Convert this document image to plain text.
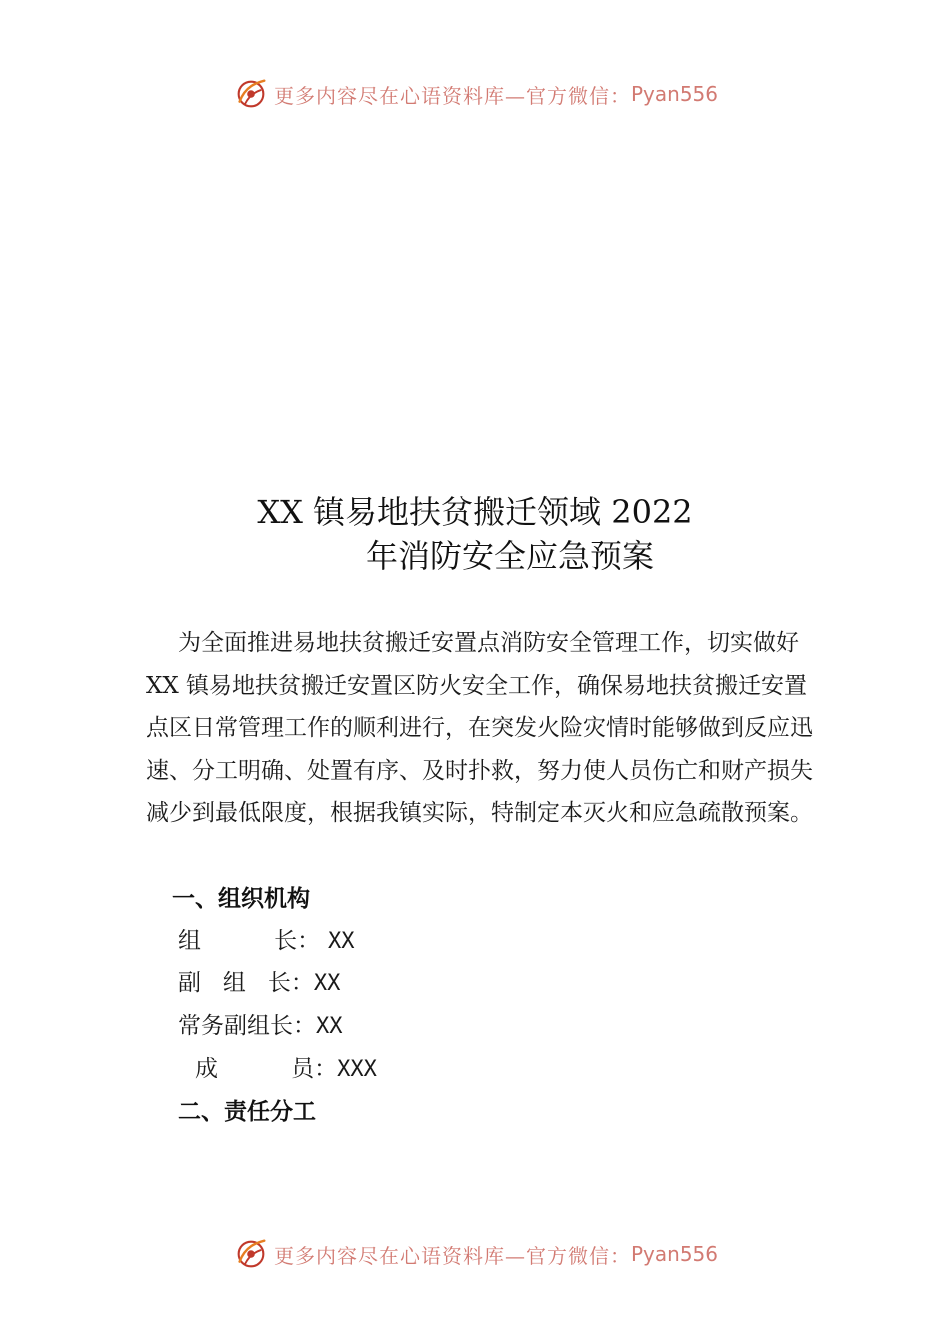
更多内容尽在心语资料库—官方微信： Pyan556
XX 镇易地扶贫搬迁领域 2022
年消防安全应急预案

为全面推进易地扶贫搬迁安置点消防安全管理工作，切实做好 XX 镇易地扶贫搬迁安置区防火安全工作，确保易地扶贫搬迁安置点区日常管理工作的顺利进行，在突发火险灾情时能够做到反应迅速、分工明确、处置有序、及时扑救，努力使人员伤亡和财产损失减少到最低限度，根据我镇实际，特制定本灭火和应急疏散预案。

一、组织机构
组          长： XX
副   组   长：XX
常务副组长：XX
成          员：XXX
二、责任分工
更多内容尽在心语资料库—官方微信： Pyan556
